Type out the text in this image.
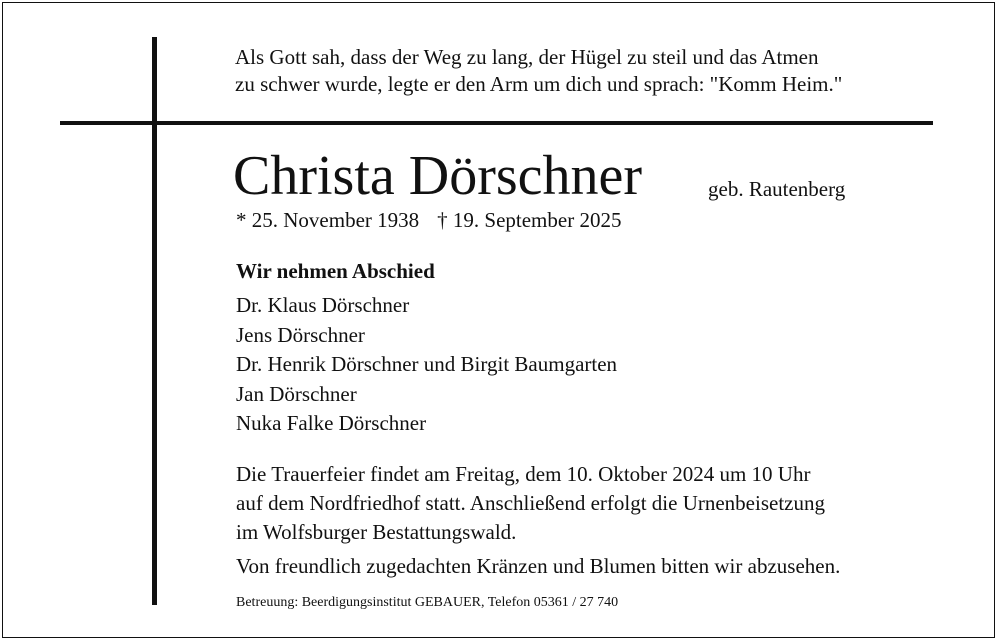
Als Gott sah, dass der Weg zu lang, der Hügel zu steil und das Atmen
zu schwer wurde, legte er den Arm um dich und sprach: "Komm Heim."
Christa Dörschner	geb. Rautenberg
* 25. November 1938 † 19. September 2025
Wir nehmen Abschied
Dr. Klaus Dörschner
Jens Dörschner
Dr. Henrik Dörschner und Birgit Baumgarten
Jan Dörschner
Nuka Falke Dörschner
Die Trauerfeier findet am Freitag, dem 10. Oktober 2024 um 10 Uhr
auf dem Nordfriedhof statt. Anschließend erfolgt die Urnenbeisetzung
im Wolfsburger Bestattungswald.
Von freundlich zugedachten Kränzen und Blumen bitten wir abzusehen.
Betreuung: Beerdigungsinstitut GEBAUER, Telefon 05361 / 27 740
